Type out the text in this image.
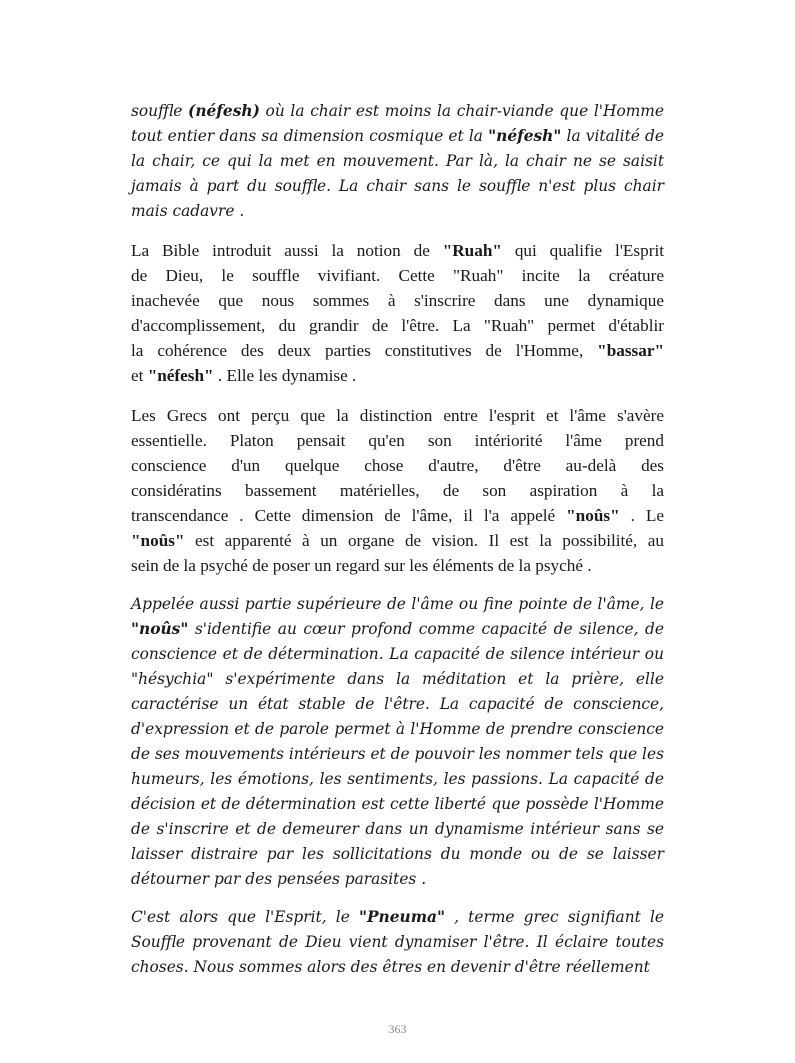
souffle (néfesh) où la chair est moins la chair-viande que l'Homme
tout entier dans sa dimension cosmique et la "néfesh" la vitalité de
la chair, ce qui la met en mouvement. Par là, la chair ne se saisit
jamais à part du souffle. La chair sans le souffle n'est plus chair
mais cadavre .

La Bible introduit aussi la notion de "Ruah" qui qualifie l'Esprit
de Dieu, le souffle vivifiant. Cette "Ruah" incite la créature
inachevée que nous sommes à s'inscrire dans une dynamique
d'accomplissement, du grandir de l'être. La "Ruah" permet d'établir
la cohérence des deux parties constitutives de l'Homme, "bassar"
et "néfesh" . Elle les dynamise .

Les Grecs ont perçu que la distinction entre l'esprit et l'âme s'avère
essentielle. Platon pensait qu'en son intériorité l'âme prend
conscience d'un quelque chose d'autre, d'être au-delà des
considératins bassement matérielles, de son aspiration à la
transcendance . Cette dimension de l'âme, il l'a appelé "noûs" . Le
"noûs" est apparenté à un organe de vision. Il est la possibilité, au
sein de la psyché de poser un regard sur les éléments de la psyché .

Appelée aussi partie supérieure de l'âme ou fine pointe de l'âme, le
"noûs" s'identifie au cœur profond comme capacité de silence, de
conscience et de détermination. La capacité de silence intérieur ou
"hésychia" s'expérimente dans la méditation et la prière, elle
caractérise un état stable de l'être. La capacité de conscience,
d'expression et de parole permet à l'Homme de prendre conscience
de ses mouvements intérieurs et de pouvoir les nommer tels que les
humeurs, les émotions, les sentiments, les passions. La capacité de
décision et de détermination est cette liberté que possède l'Homme
de s'inscrire et de demeurer dans un dynamisme intérieur sans se
laisser distraire par les sollicitations du monde ou de se laisser
détourner par des pensées parasites .

C'est alors que l'Esprit, le "Pneuma" , terme grec signifiant le
Souffle provenant de Dieu vient dynamiser l'être. Il éclaire toutes
choses. Nous sommes alors des êtres en devenir d'être réellement

363
